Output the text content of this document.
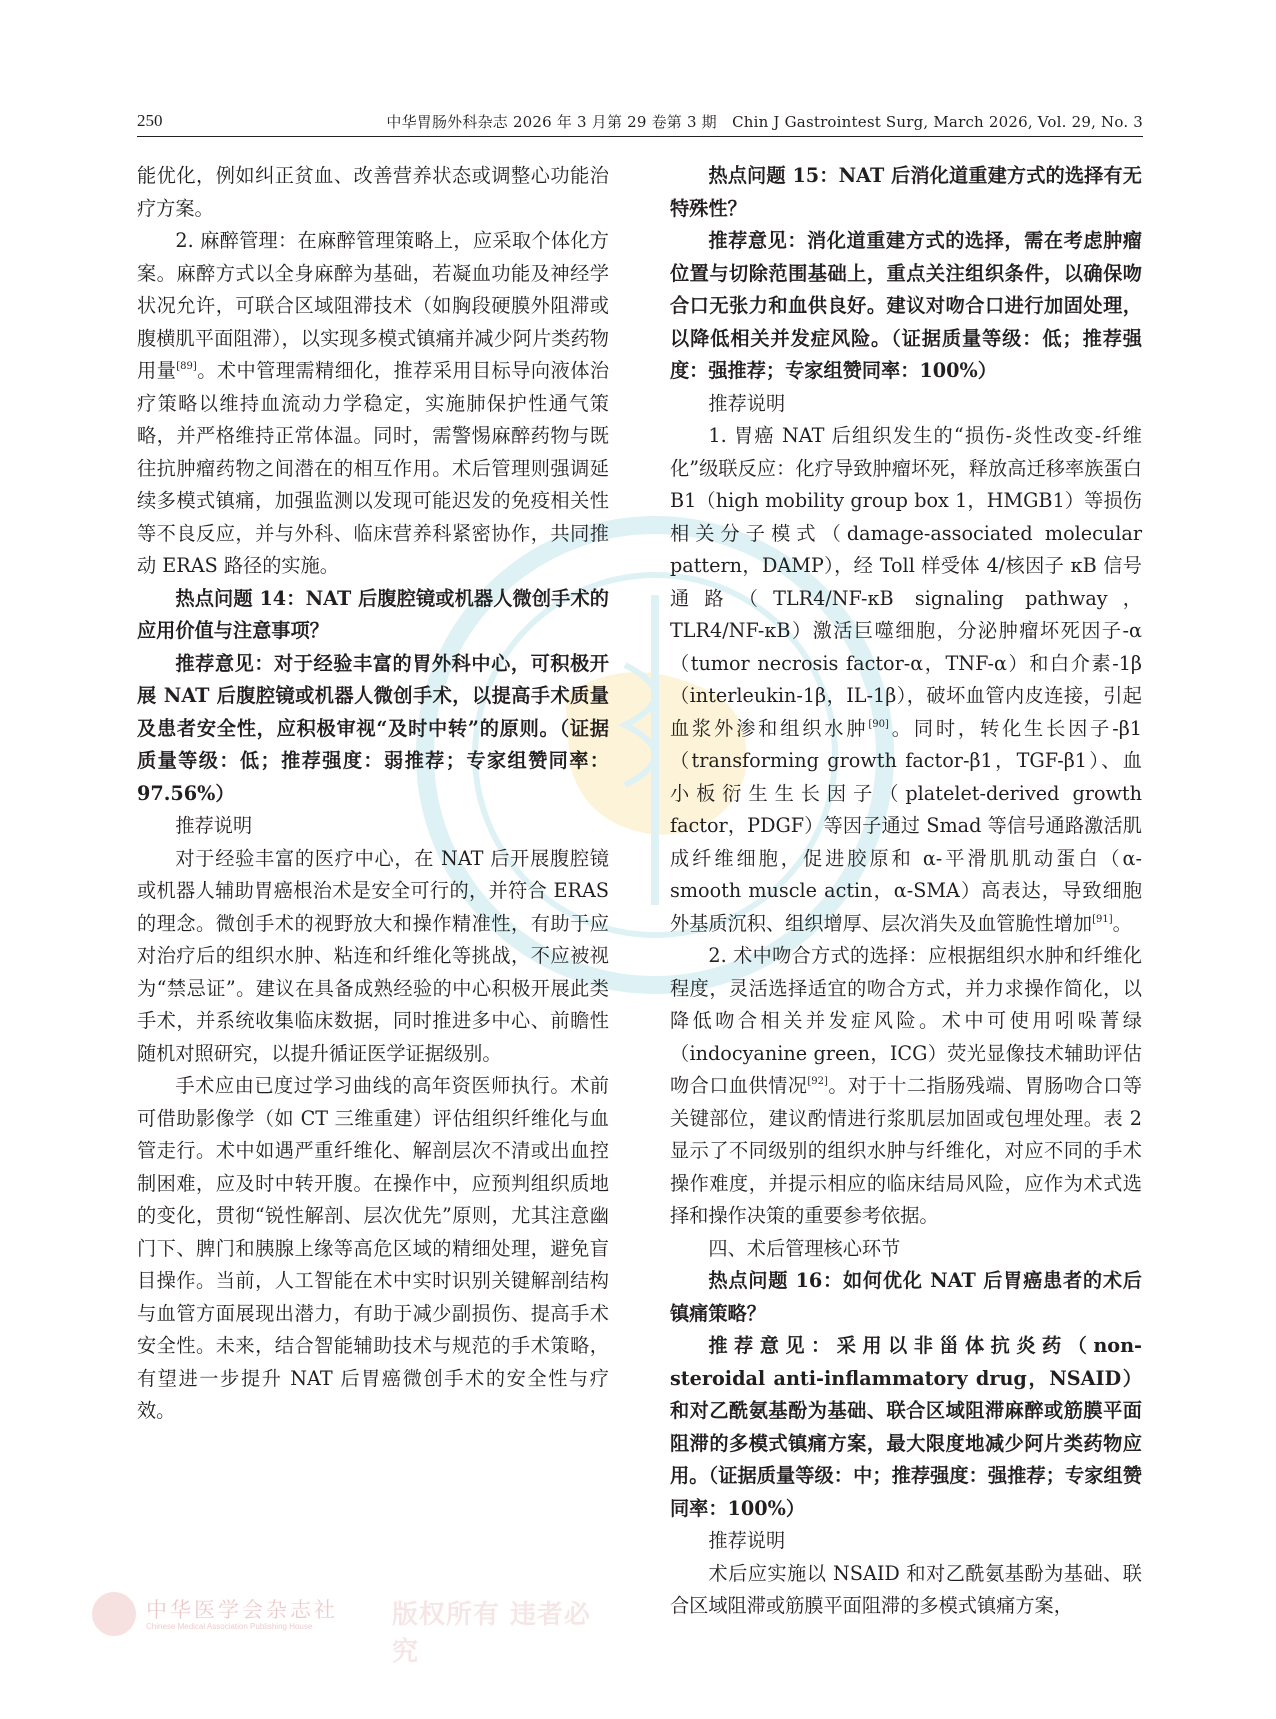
250	中华胃肠外科杂志 2026 年 3 月第 29 卷第 3 期　Chin J Gastrointest Surg, March 2026, Vol. 29, No. 3

能优化，例如纠正贫血、改善营养状态或调整心功能治疗方案。

2. 麻醉管理：在麻醉管理策略上，应采取个体化方案。麻醉方式以全身麻醉为基础，若凝血功能及神经学状况允许，可联合区域阻滞技术（如胸段硬膜外阻滞或腹横肌平面阻滞），以实现多模式镇痛并减少阿片类药物用量[89]。术中管理需精细化，推荐采用目标导向液体治疗策略以维持血流动力学稳定，实施肺保护性通气策略，并严格维持正常体温。同时，需警惕麻醉药物与既往抗肿瘤药物之间潜在的相互作用。术后管理则强调延续多模式镇痛，加强监测以发现可能迟发的免疫相关性等不良反应，并与外科、临床营养科紧密协作，共同推动 ERAS 路径的实施。

热点问题 14：NAT 后腹腔镜或机器人微创手术的应用价值与注意事项？

推荐意见：对于经验丰富的胃外科中心，可积极开展 NAT 后腹腔镜或机器人微创手术，以提高手术质量及患者安全性，应积极审视“及时中转”的原则。（证据质量等级：低；推荐强度：弱推荐；专家组赞同率：97.56%）

推荐说明

对于经验丰富的医疗中心，在 NAT 后开展腹腔镜或机器人辅助胃癌根治术是安全可行的，并符合 ERAS 的理念。微创手术的视野放大和操作精准性，有助于应对治疗后的组织水肿、粘连和纤维化等挑战，不应被视为“禁忌证”。建议在具备成熟经验的中心积极开展此类手术，并系统收集临床数据，同时推进多中心、前瞻性随机对照研究，以提升循证医学证据级别。

手术应由已度过学习曲线的高年资医师执行。术前可借助影像学（如 CT 三维重建）评估组织纤维化与血管走行。术中如遇严重纤维化、解剖层次不清或出血控制困难，应及时中转开腹。在操作中，应预判组织质地的变化，贯彻“锐性解剖、层次优先”原则，尤其注意幽门下、脾门和胰腺上缘等高危区域的精细处理，避免盲目操作。当前，人工智能在术中实时识别关键解剖结构与血管方面展现出潜力，有助于减少副损伤、提高手术安全性。未来，结合智能辅助技术与规范的手术策略，有望进一步提升 NAT 后胃癌微创手术的安全性与疗效。

热点问题 15：NAT 后消化道重建方式的选择有无特殊性？

推荐意见：消化道重建方式的选择，需在考虑肿瘤位置与切除范围基础上，重点关注组织条件，以确保吻合口无张力和血供良好。建议对吻合口进行加固处理，以降低相关并发症风险。（证据质量等级：低；推荐强度：强推荐；专家组赞同率：100%）

推荐说明

1. 胃癌 NAT 后组织发生的“损伤-炎性改变-纤维化”级联反应：化疗导致肿瘤坏死，释放高迁移率族蛋白 B1（high mobility group box 1，HMGB1）等损伤相关分子模式（damage-associated molecular pattern，DAMP），经 Toll 样受体 4/核因子 κB 信号通路（TLR4/NF-κB signaling pathway，TLR4/NF-κB）激活巨噬细胞，分泌肿瘤坏死因子-α（tumor necrosis factor-α，TNF-α）和白介素-1β（interleukin-1β，IL-1β），破坏血管内皮连接，引起血浆外渗和组织水肿[90]。同时，转化生长因子-β1（transforming growth factor-β1，TGF-β1）、血小板衍生生长因子（platelet-derived growth factor，PDGF）等因子通过 Smad 等信号通路激活肌成纤维细胞，促进胶原和 α-平滑肌肌动蛋白（α-smooth muscle actin，α-SMA）高表达，导致细胞外基质沉积、组织增厚、层次消失及血管脆性增加[91]。

2. 术中吻合方式的选择：应根据组织水肿和纤维化程度，灵活选择适宜的吻合方式，并力求操作简化，以降低吻合相关并发症风险。术中可使用吲哚菁绿（indocyanine green，ICG）荧光显像技术辅助评估吻合口血供情况[92]。对于十二指肠残端、胃肠吻合口等关键部位，建议酌情进行浆肌层加固或包埋处理。表 2 显示了不同级别的组织水肿与纤维化，对应不同的手术操作难度，并提示相应的临床结局风险，应作为术式选择和操作决策的重要参考依据。

四、术后管理核心环节

热点问题 16：如何优化 NAT 后胃癌患者的术后镇痛策略？

推荐意见：采用以非甾体抗炎药（non- steroidal anti-inflammatory drug，NSAID）和对乙酰氨基酚为基础、联合区域阻滞麻醉或筋膜平面阻滞的多模式镇痛方案，最大限度地减少阿片类药物应用。（证据质量等级：中；推荐强度：强推荐；专家组赞同率：100%）

推荐说明

术后应实施以 NSAID 和对乙酰氨基酚为基础、联合区域阻滞或筋膜平面阻滞的多模式镇痛方案，

中华医学会杂志社
Chinese Medical Association Publishing House	版权所有 违者必究
